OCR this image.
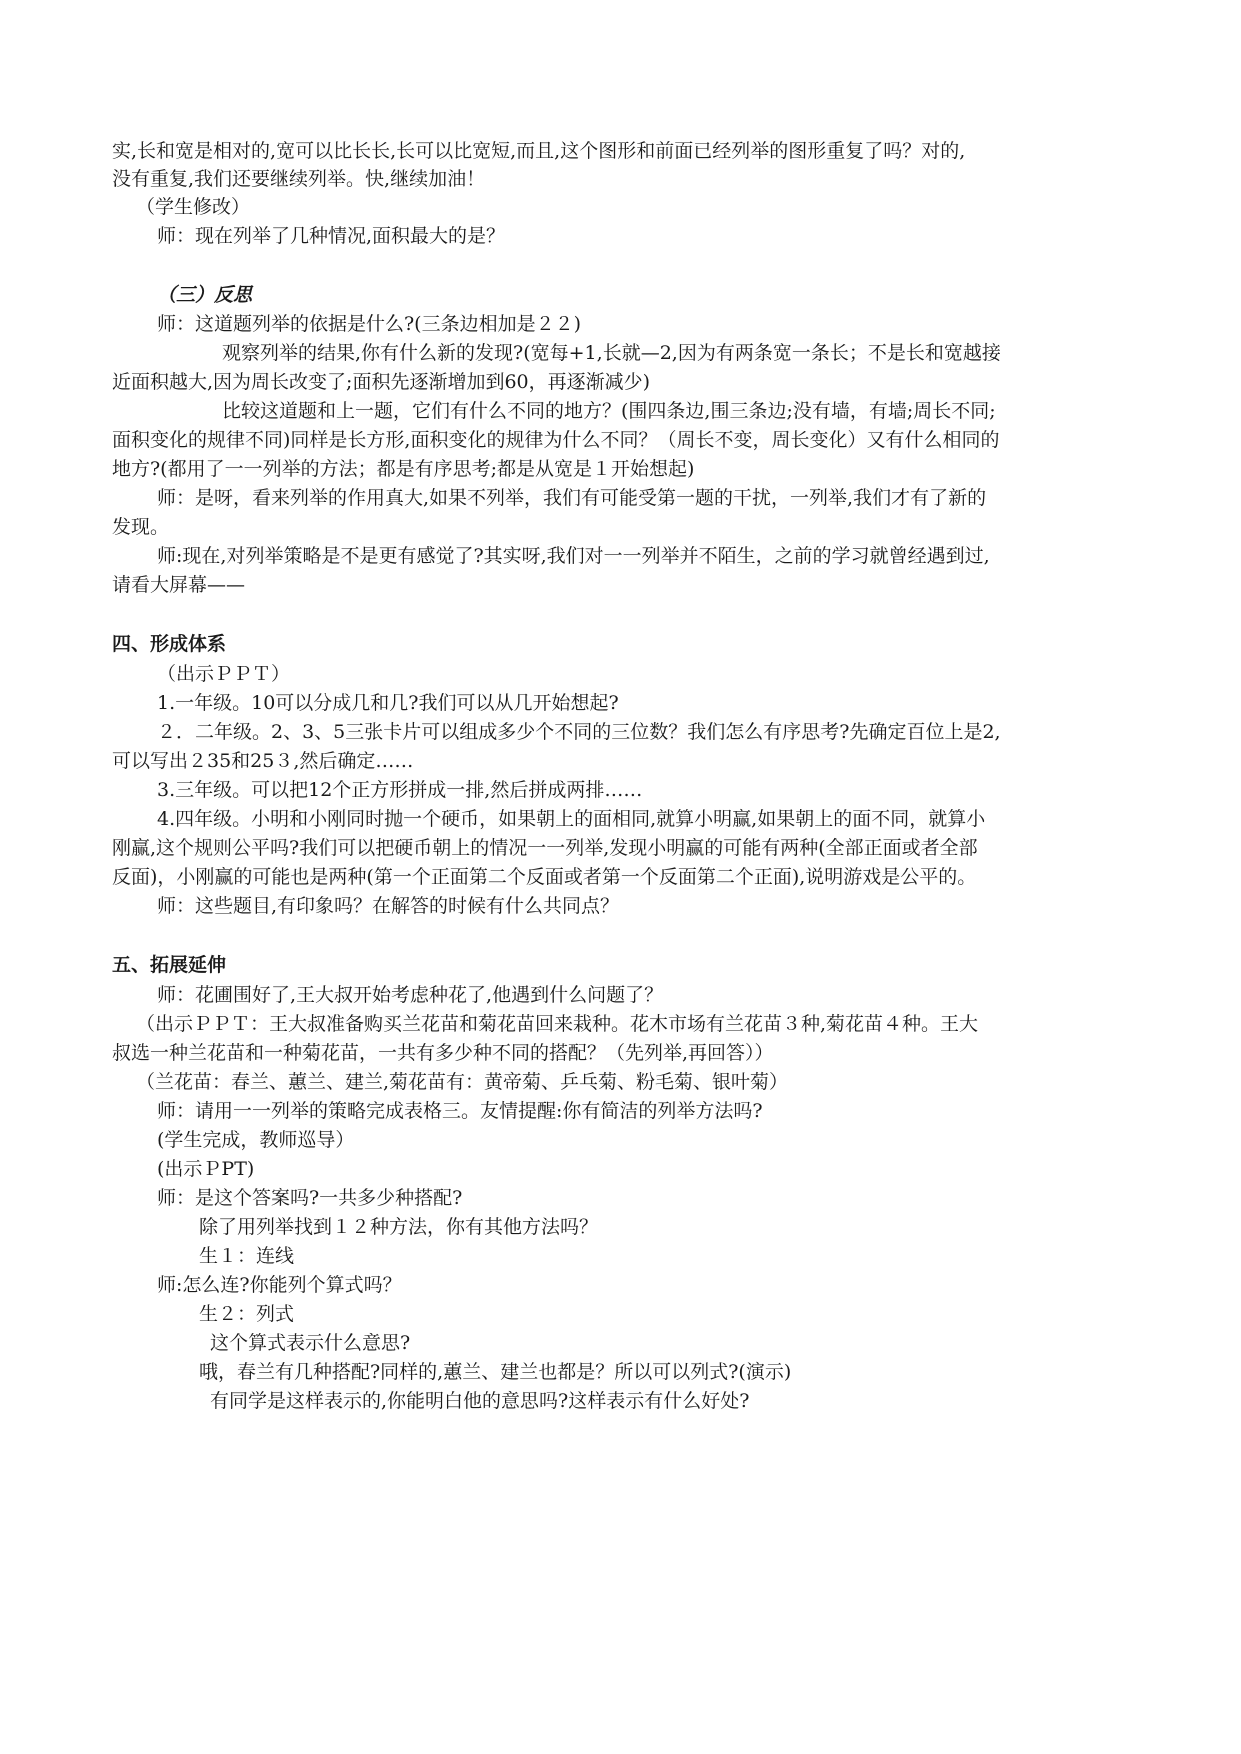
实,长和宽是相对的,宽可以比长长,长可以比宽短,而且,这个图形和前面已经列举的图形重复了吗？对的,
没有重复,我们还要继续列举。快,继续加油！
（学生修改）
师：现在列举了几种情况,面积最大的是？
（三）反思
师：这道题列举的依据是什么?(三条边相加是２２)
观察列举的结果,你有什么新的发现?(宽每+1,长就—2,因为有两条宽一条长；不是长和宽越接
近面积越大,因为周长改变了;面积先逐渐增加到60，再逐渐减少)
比较这道题和上一题，它们有什么不同的地方？(围四条边,围三条边;没有墙，有墙;周长不同;
面积变化的规律不同)同样是长方形,面积变化的规律为什么不同？（周长不变，周长变化）又有什么相同的
地方?(都用了一一列举的方法；都是有序思考;都是从宽是１开始想起)
师：是呀，看来列举的作用真大,如果不列举，我们有可能受第一题的干扰，一列举,我们才有了新的
发现。
师:现在,对列举策略是不是更有感觉了?其实呀,我们对一一列举并不陌生，之前的学习就曾经遇到过,
请看大屏幕——
四、形成体系
（出示ＰＰＴ）
1.一年级。10可以分成几和几?我们可以从几开始想起?
２．二年级。2、3、5三张卡片可以组成多少个不同的三位数？我们怎么有序思考?先确定百位上是2,
可以写出２35和25３,然后确定……
3.三年级。可以把12个正方形拼成一排,然后拼成两排……
4.四年级。小明和小刚同时抛一个硬币，如果朝上的面相同,就算小明赢,如果朝上的面不同，就算小
刚赢,这个规则公平吗?我们可以把硬币朝上的情况一一列举,发现小明赢的可能有两种(全部正面或者全部
反面)，小刚赢的可能也是两种(第一个正面第二个反面或者第一个反面第二个正面),说明游戏是公平的。
师：这些题目,有印象吗？在解答的时候有什么共同点？
五、拓展延伸
师：花圃围好了,王大叔开始考虑种花了,他遇到什么问题了？
（出示ＰＰＴ：王大叔准备购买兰花苗和菊花苗回来栽种。花木市场有兰花苗３种,菊花苗４种。王大
叔选一种兰花苗和一种菊花苗，一共有多少种不同的搭配？（先列举,再回答））
（兰花苗：春兰、蕙兰、建兰,菊花苗有：黄帝菊、乒乓菊、粉毛菊、银叶菊）
师：请用一一列举的策略完成表格三。友情提醒:你有简洁的列举方法吗?
(学生完成，教师巡导）
(出示ＰPT)
师：是这个答案吗?一共多少种搭配?
除了用列举找到１２种方法，你有其他方法吗？
生１：连线
师:怎么连?你能列个算式吗？
生２：列式
这个算式表示什么意思?
哦，春兰有几种搭配?同样的,蕙兰、建兰也都是？所以可以列式?(演示)
有同学是这样表示的,你能明白他的意思吗?这样表示有什么好处?
